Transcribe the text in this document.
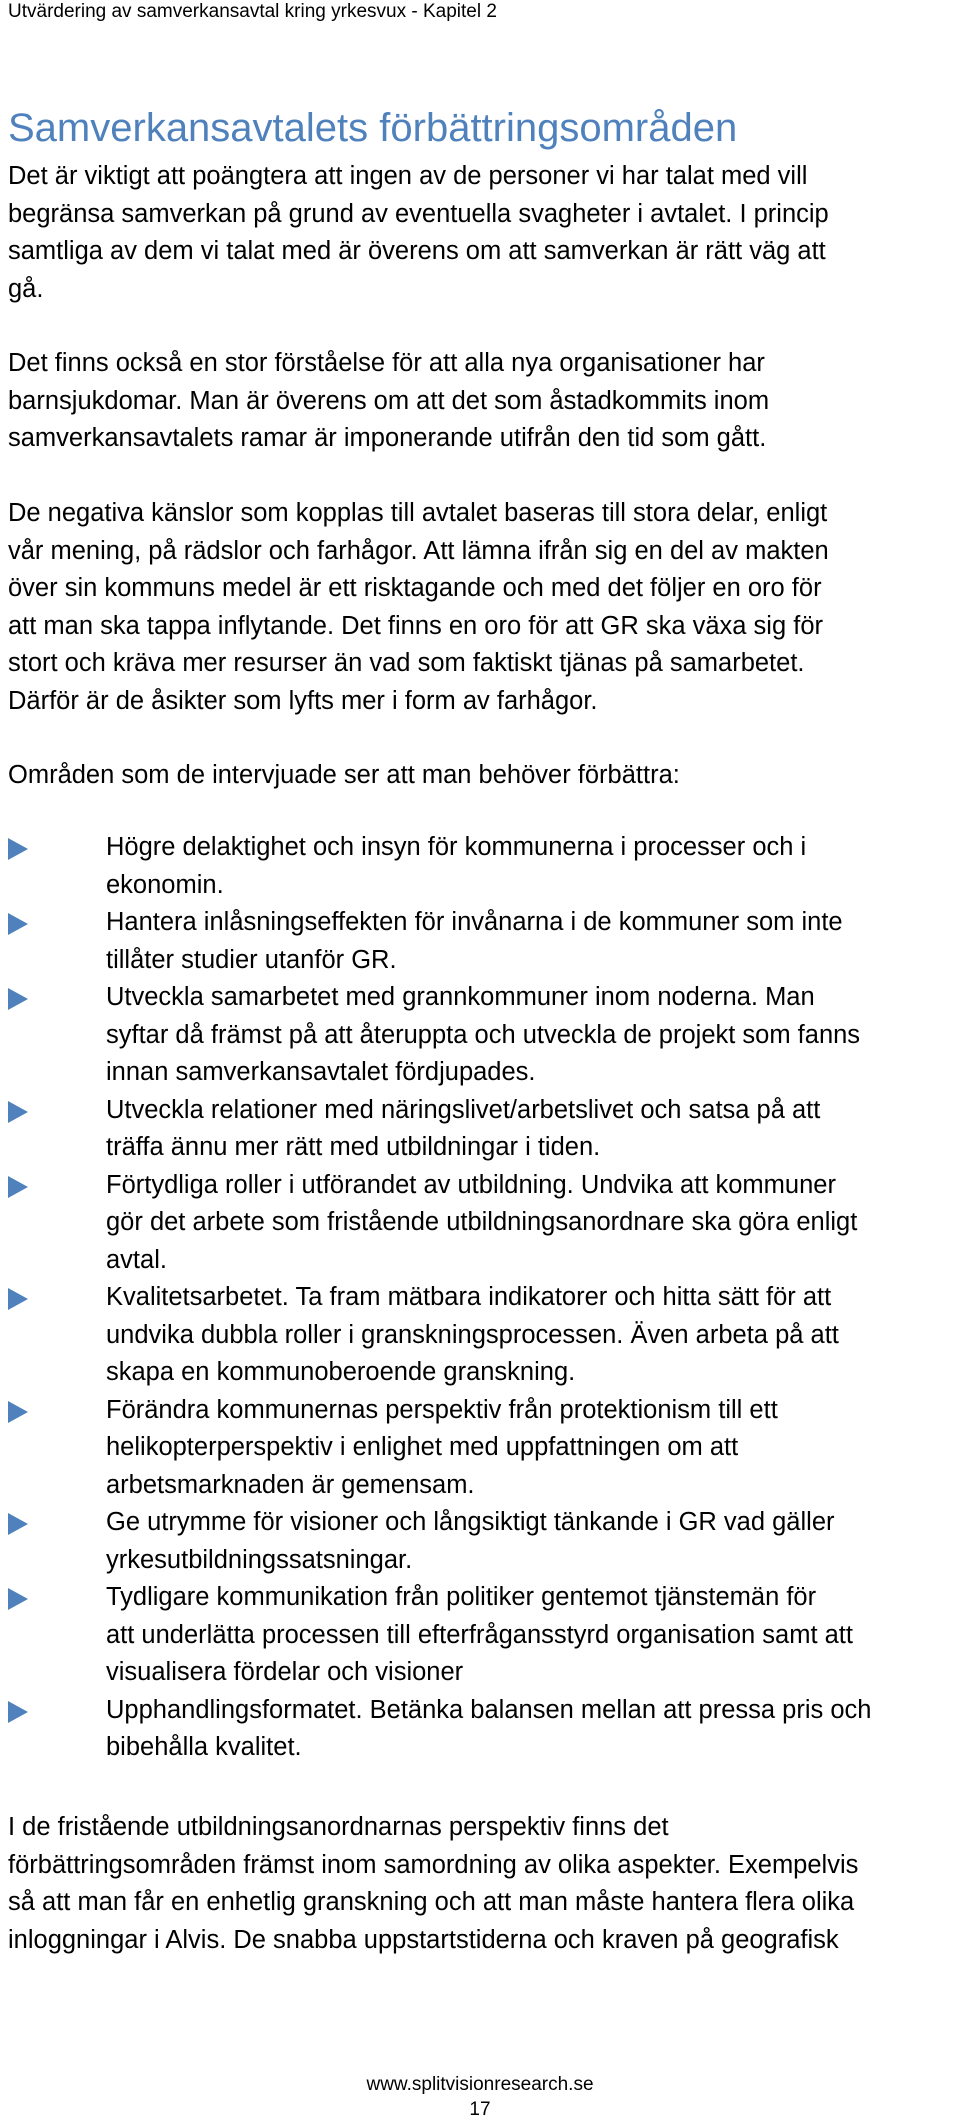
Utvärdering av samverkansavtal kring yrkesvux - Kapitel 2
Samverkansavtalets förbättringsområden
Det är viktigt att poängtera att ingen av de personer vi har talat med vill
begränsa samverkan på grund av eventuella svagheter i avtalet. I princip
samtliga av dem vi talat med är överens om att samverkan är rätt väg att
gå.
Det finns också en stor förståelse för att alla nya organisationer har
barnsjukdomar. Man är överens om att det som åstadkommits inom
samverkansavtalets ramar är imponerande utifrån den tid som gått.
De negativa känslor som kopplas till avtalet baseras till stora delar, enligt
vår mening, på rädslor och farhågor. Att lämna ifrån sig en del av makten
över sin kommuns medel är ett risktagande och med det följer en oro för
att man ska tappa inflytande. Det finns en oro för att GR ska växa sig för
stort och kräva mer resurser än vad som faktiskt tjänas på samarbetet.
Därför är de åsikter som lyfts mer i form av farhågor.
Områden som de intervjuade ser att man behöver förbättra:
Högre delaktighet och insyn för kommunerna i processer och i
ekonomin.
Hantera inlåsningseffekten för invånarna i de kommuner som inte
tillåter studier utanför GR.
Utveckla samarbetet med grannkommuner inom noderna. Man
syftar då främst på att återuppta och utveckla de projekt som fanns
innan samverkansavtalet fördjupades.
Utveckla relationer med näringslivet/arbetslivet och satsa på att
träffa ännu mer rätt med utbildningar i tiden.
Förtydliga roller i utförandet av utbildning. Undvika att kommuner
gör det arbete som fristående utbildningsanordnare ska göra enligt
avtal.
Kvalitetsarbetet. Ta fram mätbara indikatorer och hitta sätt för att
undvika dubbla roller i granskningsprocessen. Även arbeta på att
skapa en kommunoberoende granskning.
Förändra kommunernas perspektiv från protektionism till ett
helikopterperspektiv i enlighet med uppfattningen om att
arbetsmarknaden är gemensam.
Ge utrymme för visioner och långsiktigt tänkande i GR vad gäller
yrkesutbildningssatsningar.
Tydligare kommunikation från politiker gentemot tjänstemän för
att underlätta processen till efterfrågansstyrd organisation samt att
visualisera fördelar och visioner
Upphandlingsformatet. Betänka balansen mellan att pressa pris och
bibehålla kvalitet.
I de fristående utbildningsanordnarnas perspektiv finns det
förbättringsområden främst inom samordning av olika aspekter. Exempelvis
så att man får en enhetlig granskning och att man måste hantera flera olika
inloggningar i Alvis. De snabba uppstartstiderna och kraven på geografisk
www.splitvisionresearch.se
17
